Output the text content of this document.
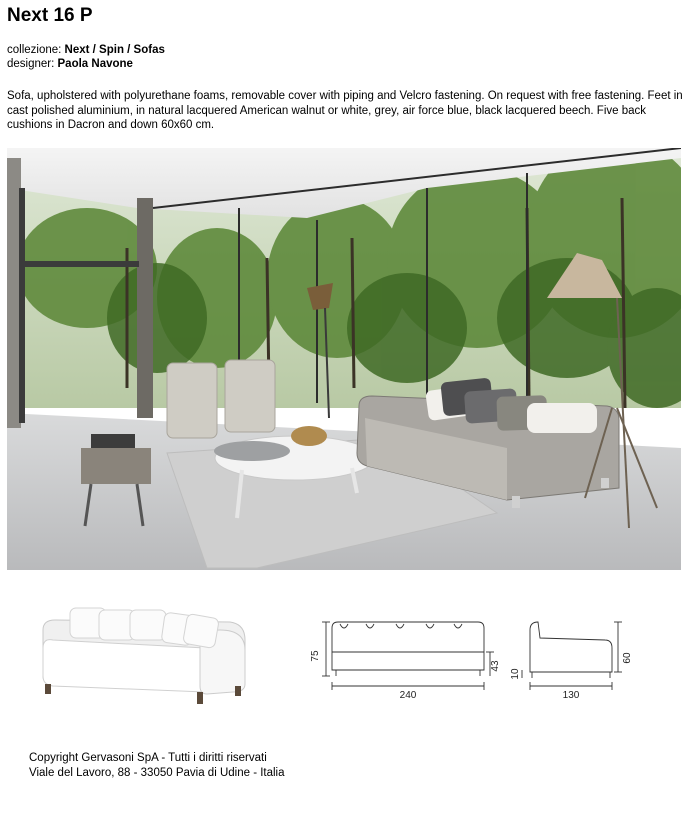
Next 16 P
collezione: Next / Spin / Sofas
designer: Paola Navone
Sofa, upholstered with polyurethane foams, removable cover with piping and Velcro fastening. On request with free fastening. Feet in cast polished aluminium, in natural lacquered American walnut or white, grey, air force blue, black lacquered beech. Five back cushions in Dacron and down 60x60 cm.
75
43
240
10
60
130
Copyright Gervasoni SpA - Tutti i diritti riservati
Viale del Lavoro, 88 - 33050 Pavia di Udine - Italia
